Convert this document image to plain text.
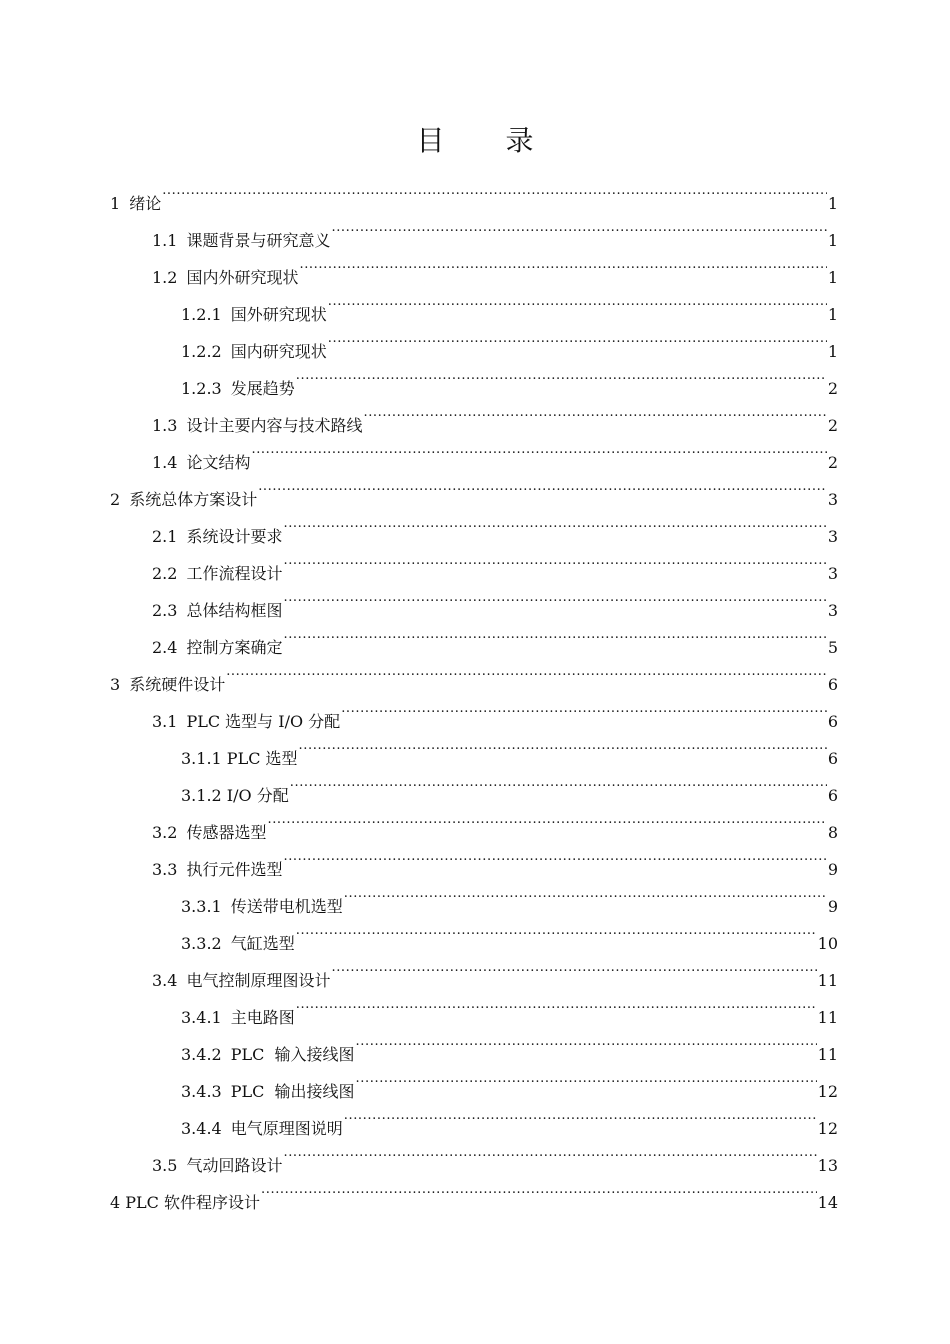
目 录
1 绪论 .....	1
1.1 课题背景与研究意义 .....	1
1.2 国内外研究现状 .....	1
1.2.1 国外研究现状 .....	1
1.2.2 国内研究现状 .....	1
1.2.3 发展趋势 .....	2
1.3 设计主要内容与技术路线 .....	2
1.4 论文结构 .....	2
2 系统总体方案设计 .....	3
2.1 系统设计要求 .....	3
2.2 工作流程设计 .....	3
2.3 总体结构框图 .....	3
2.4 控制方案确定 .....	5
3 系统硬件设计 .....	6
3.1 PLC 选型与 I/O 分配 .....	6
3.1.1 PLC 选型 .....	6
3.1.2 I/O 分配 .....	6
3.2 传感器选型 .....	8
3.3 执行元件选型 .....	9
3.3.1 传送带电机选型 .....	9
3.3.2 气缸选型 .....	10
3.4 电气控制原理图设计 .....	11
3.4.1 主电路图 .....	11
3.4.2 PLC  输入接线图 .....	11
3.4.3 PLC  输出接线图 .....	12
3.4.4 电气原理图说明 .....	12
3.5 气动回路设计 .....	13
4 PLC 软件程序设计 .....	14
